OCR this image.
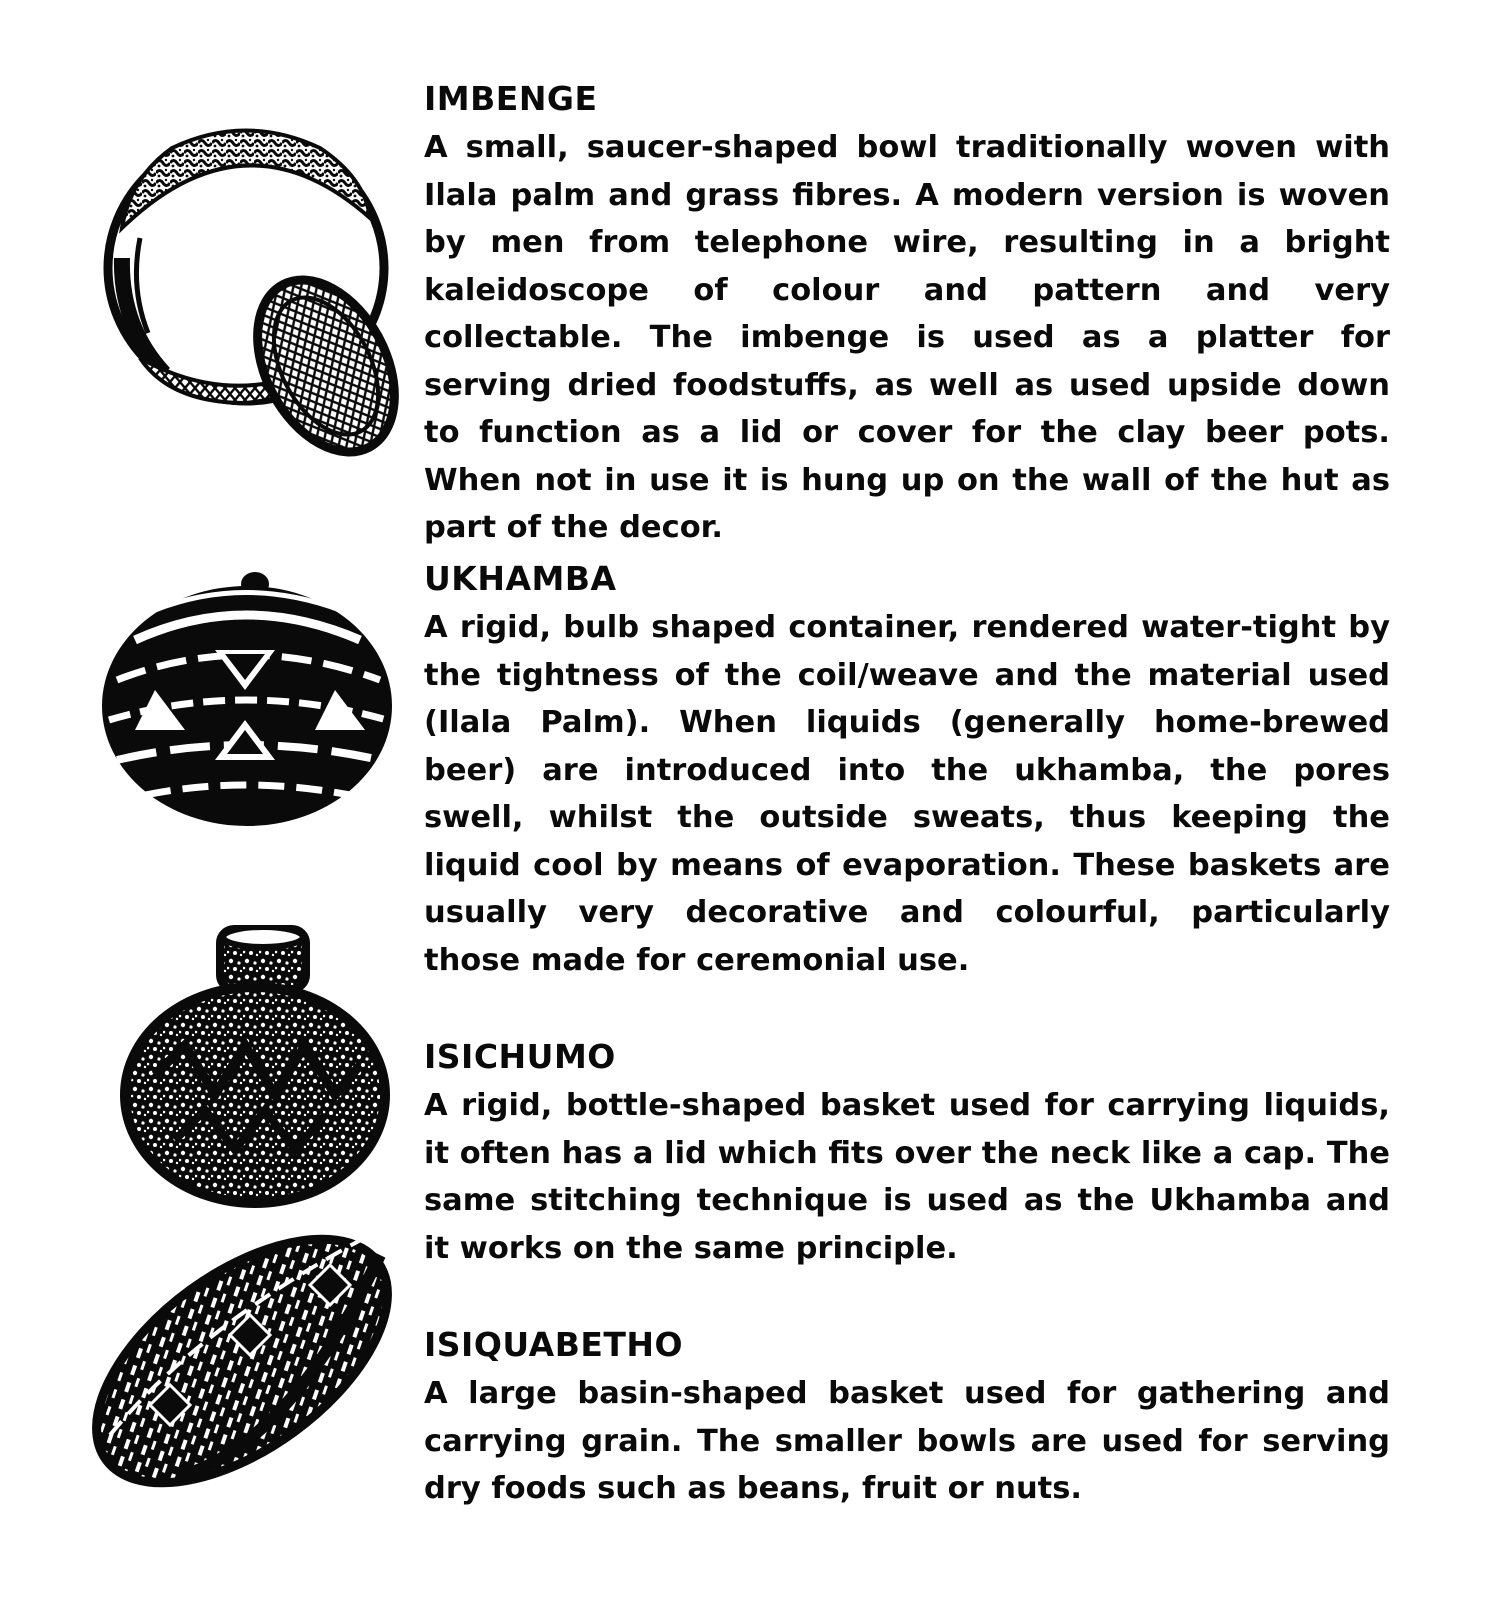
IMBENGE

A small, saucer-shaped bowl traditionally woven with Ilala palm and grass fibres. A modern version is woven by men from telephone wire, resulting in a bright kaleidoscope of colour and pattern and very collectable. The imbenge is used as a platter for serving dried foodstuffs, as well as used upside down to function as a lid or cover for the clay beer pots. When not in use it is hung up on the wall of the hut as part of the decor.

UKHAMBA

A rigid, bulb shaped container, rendered water-tight by the tightness of the coil/weave and the material used (Ilala Palm). When liquids (generally home-brewed beer) are introduced into the ukhamba, the pores swell, whilst the outside sweats, thus keeping the liquid cool by means of evaporation. These baskets are usually very decorative and colourful, particularly those made for ceremonial use.

ISICHUMO

A rigid, bottle-shaped basket used for carrying liquids, it often has a lid which fits over the neck like a cap. The same stitching technique is used as the Ukhamba and it works on the same principle.

ISIQUABETHO

A large basin-shaped basket used for gathering and carrying grain. The smaller bowls are used for serving dry foods such as beans, fruit or nuts.
